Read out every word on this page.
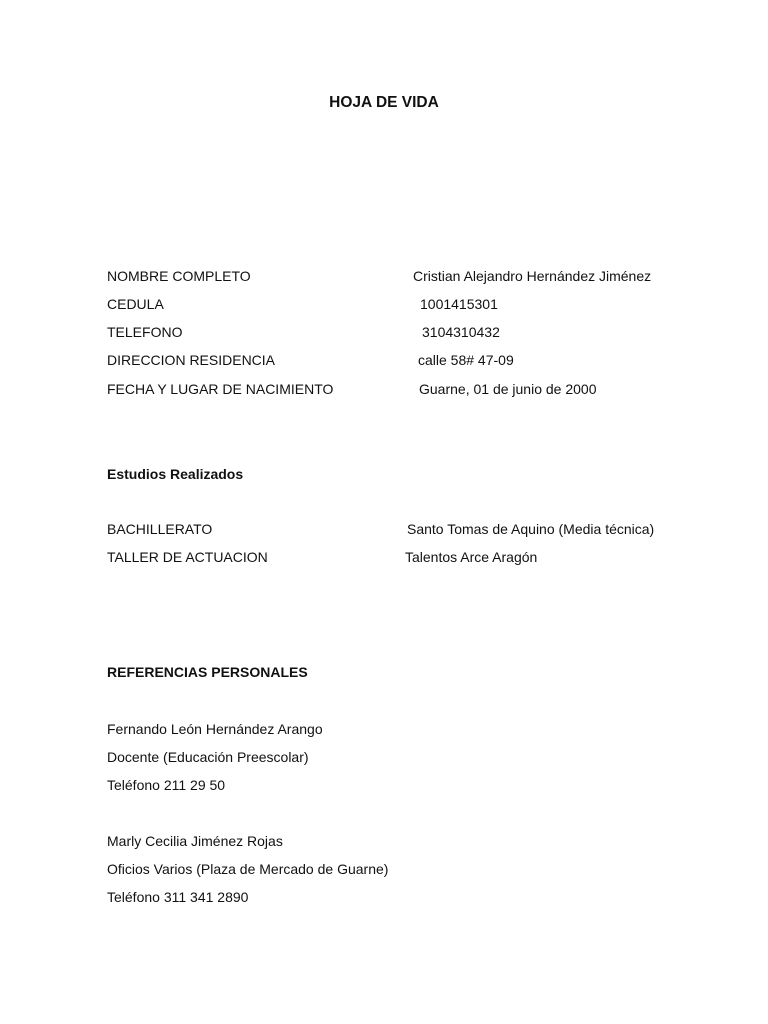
HOJA DE VIDA
NOMBRE COMPLETO	Cristian Alejandro Hernández Jiménez
CEDULA	1001415301
TELEFONO	3104310432
DIRECCION RESIDENCIA	calle 58# 47-09
FECHA Y LUGAR DE NACIMIENTO	Guarne, 01 de junio de 2000
Estudios Realizados
BACHILLERATO	Santo Tomas de Aquino (Media técnica)
TALLER DE ACTUACION	Talentos Arce Aragón
REFERENCIAS PERSONALES
Fernando León Hernández Arango
Docente (Educación Preescolar)
Teléfono 211 29 50
Marly Cecilia Jiménez Rojas
Oficios Varios (Plaza de Mercado de Guarne)
Teléfono 311 341 2890
